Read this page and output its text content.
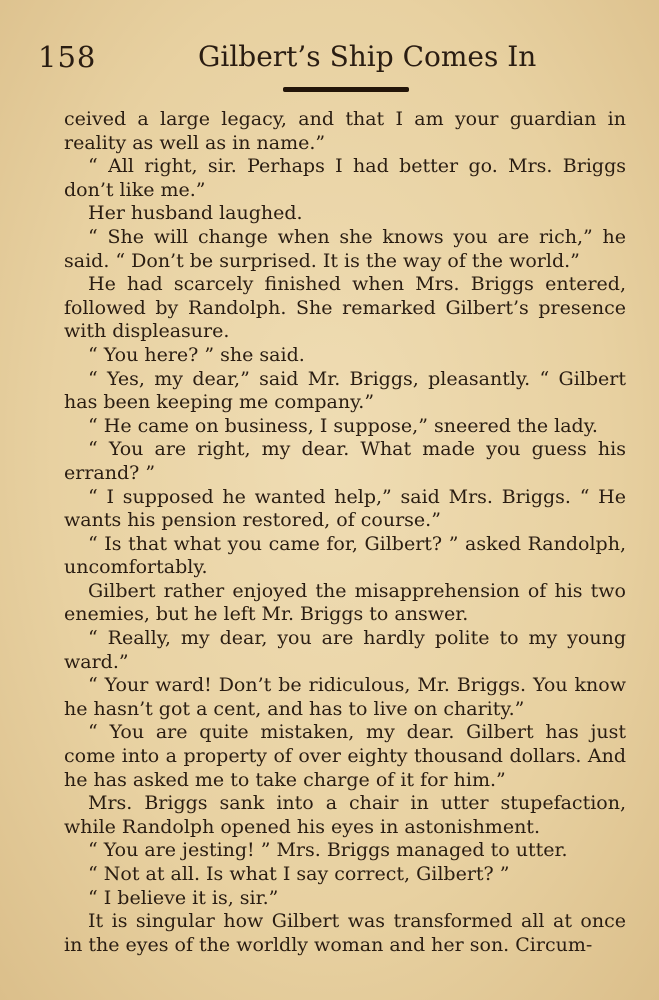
158	Gilbert’s Ship Comes In

ceived a large legacy, and that I am your guardian in reality as well as in name.”

“ All right, sir. Perhaps I had better go. Mrs. Briggs don’t like me.”

Her husband laughed.

“ She will change when she knows you are rich,” he said. “ Don’t be surprised. It is the way of the world.”

He had scarcely finished when Mrs. Briggs entered, followed by Randolph. She remarked Gilbert’s presence with displeasure.

“ You here? ” she said.

“ Yes, my dear,” said Mr. Briggs, pleasantly. “ Gilbert has been keeping me company.”

“ He came on business, I suppose,” sneered the lady.

“ You are right, my dear. What made you guess his errand? ”

“ I supposed he wanted help,” said Mrs. Briggs. “ He wants his pension restored, of course.”

“ Is that what you came for, Gilbert? ” asked Randolph, uncomfortably.

Gilbert rather enjoyed the misapprehension of his two enemies, but he left Mr. Briggs to answer.

“ Really, my dear, you are hardly polite to my young ward.”

“ Your ward! Don’t be ridiculous, Mr. Briggs. You know he hasn’t got a cent, and has to live on charity.”

“ You are quite mistaken, my dear. Gilbert has just come into a property of over eighty thousand dollars. And he has asked me to take charge of it for him.”

Mrs. Briggs sank into a chair in utter stupefaction, while Randolph opened his eyes in astonishment.

“ You are jesting! ” Mrs. Briggs managed to utter.

“ Not at all. Is what I say correct, Gilbert? ”

“ I believe it is, sir.”

It is singular how Gilbert was transformed all at once in the eyes of the worldly woman and her son. Circum-
